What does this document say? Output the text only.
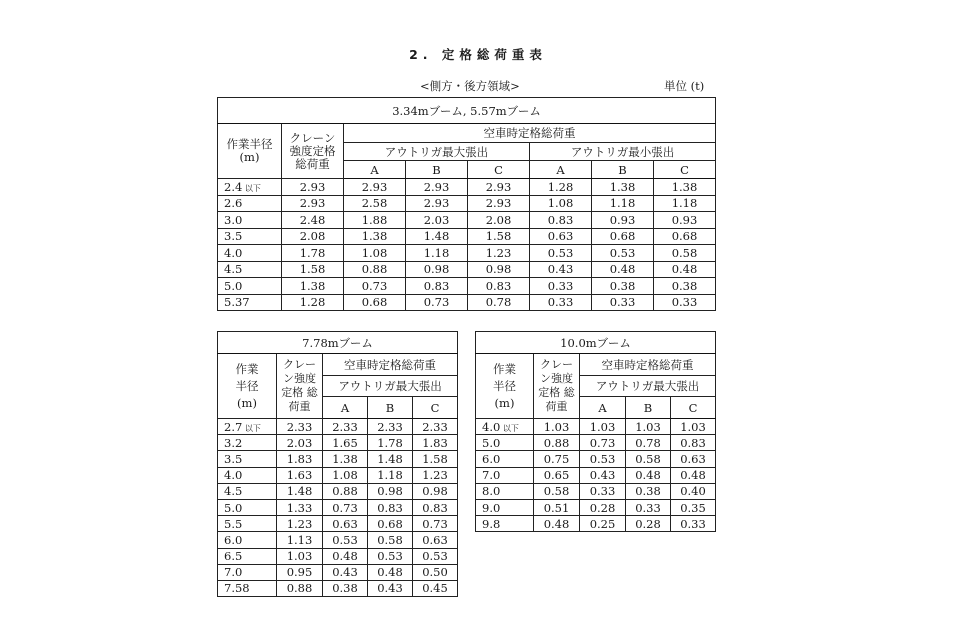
2. 定格総荷重表
<側方・後方領域>	単位 (t)
3.34mブーム, 5.57mブーム							
作業半径 (m)	クレーン 強度定格 総荷重	空車時定格総荷重					
		アウトリガ最大張出			アウトリガ最小張出		
		A	B	C	A	B	C
2.4 以下	2.93	2.93	2.93	2.93	1.28	1.38	1.38
2.6	2.93	2.58	2.93	2.93	1.08	1.18	1.18
3.0	2.48	1.88	2.03	2.08	0.83	0.93	0.93
3.5	2.08	1.38	1.48	1.58	0.63	0.68	0.68
4.0	1.78	1.08	1.18	1.23	0.53	0.53	0.58
4.5	1.58	0.88	0.98	0.98	0.43	0.48	0.48
5.0	1.38	0.73	0.83	0.83	0.33	0.38	0.38
5.37	1.28	0.68	0.73	0.78	0.33	0.33	0.33
7.78mブーム				
作業 半径 (m)	クレー ン強度 定格 総荷重	空車時定格総荷重		
		アウトリガ最大張出		
		A	B	C
2.7 以下	2.33	2.33	2.33	2.33
3.2	2.03	1.65	1.78	1.83
3.5	1.83	1.38	1.48	1.58
4.0	1.63	1.08	1.18	1.23
4.5	1.48	0.88	0.98	0.98
5.0	1.33	0.73	0.83	0.83
5.5	1.23	0.63	0.68	0.73
6.0	1.13	0.53	0.58	0.63
6.5	1.03	0.48	0.53	0.53
7.0	0.95	0.43	0.48	0.50
7.58	0.88	0.38	0.43	0.45
10.0mブーム				
作業 半径 (m)	クレー ン強度 定格 総荷重	空車時定格総荷重		
		アウトリガ最大張出		
		A	B	C
4.0 以下	1.03	1.03	1.03	1.03
5.0	0.88	0.73	0.78	0.83
6.0	0.75	0.53	0.58	0.63
7.0	0.65	0.43	0.48	0.48
8.0	0.58	0.33	0.38	0.40
9.0	0.51	0.28	0.33	0.35
9.8	0.48	0.25	0.28	0.33
